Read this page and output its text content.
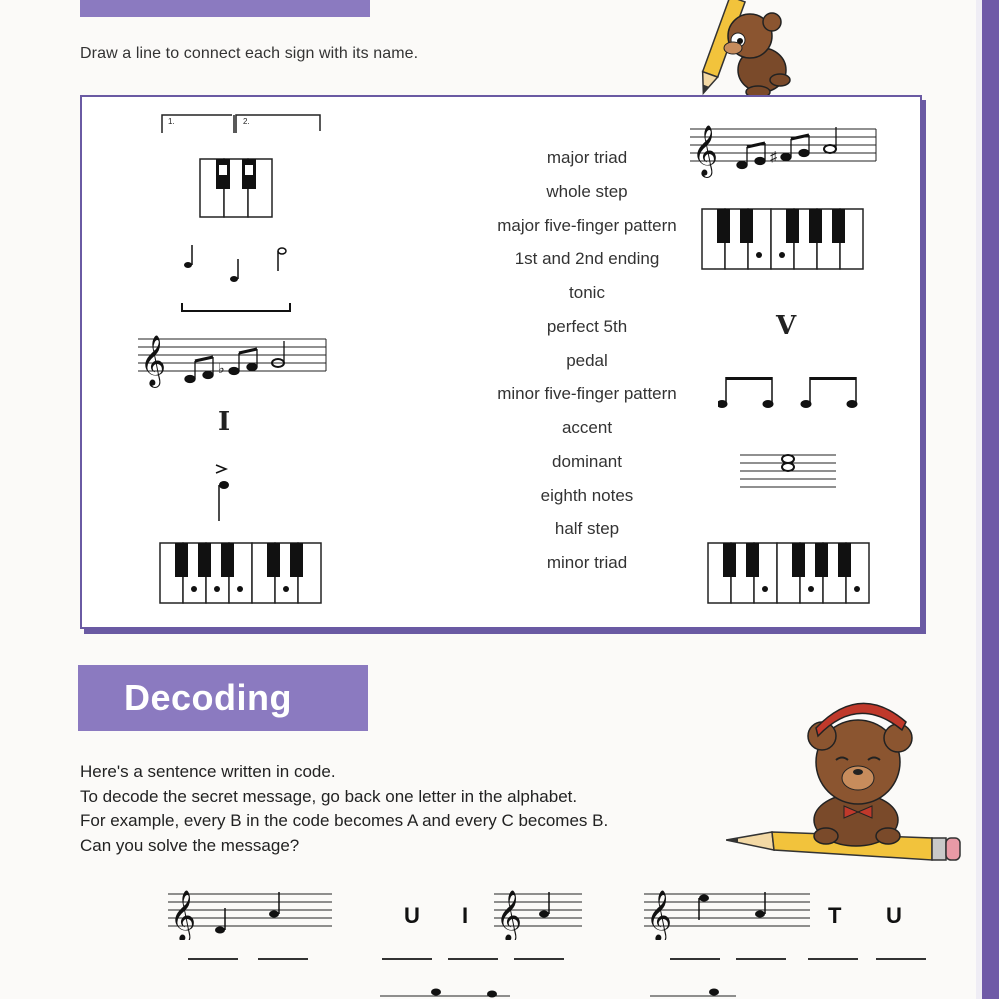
Draw a line to connect each sign with its name.
major triad
whole step
major five-finger pattern
1st and 2nd ending
tonic
perfect 5th
pedal
minor five-finger pattern
accent
dominant
eighth notes
half step
minor triad
1.	2.
𝄞	♭
I
𝄞	♯
V
Decoding
Here's a sentence written in code.
To decode the secret message, go back one letter in the alphabet.
For example, every B in the code becomes A and every C becomes B.
Can you solve the message?
𝄞	U I 𝄞	𝄞	T U
